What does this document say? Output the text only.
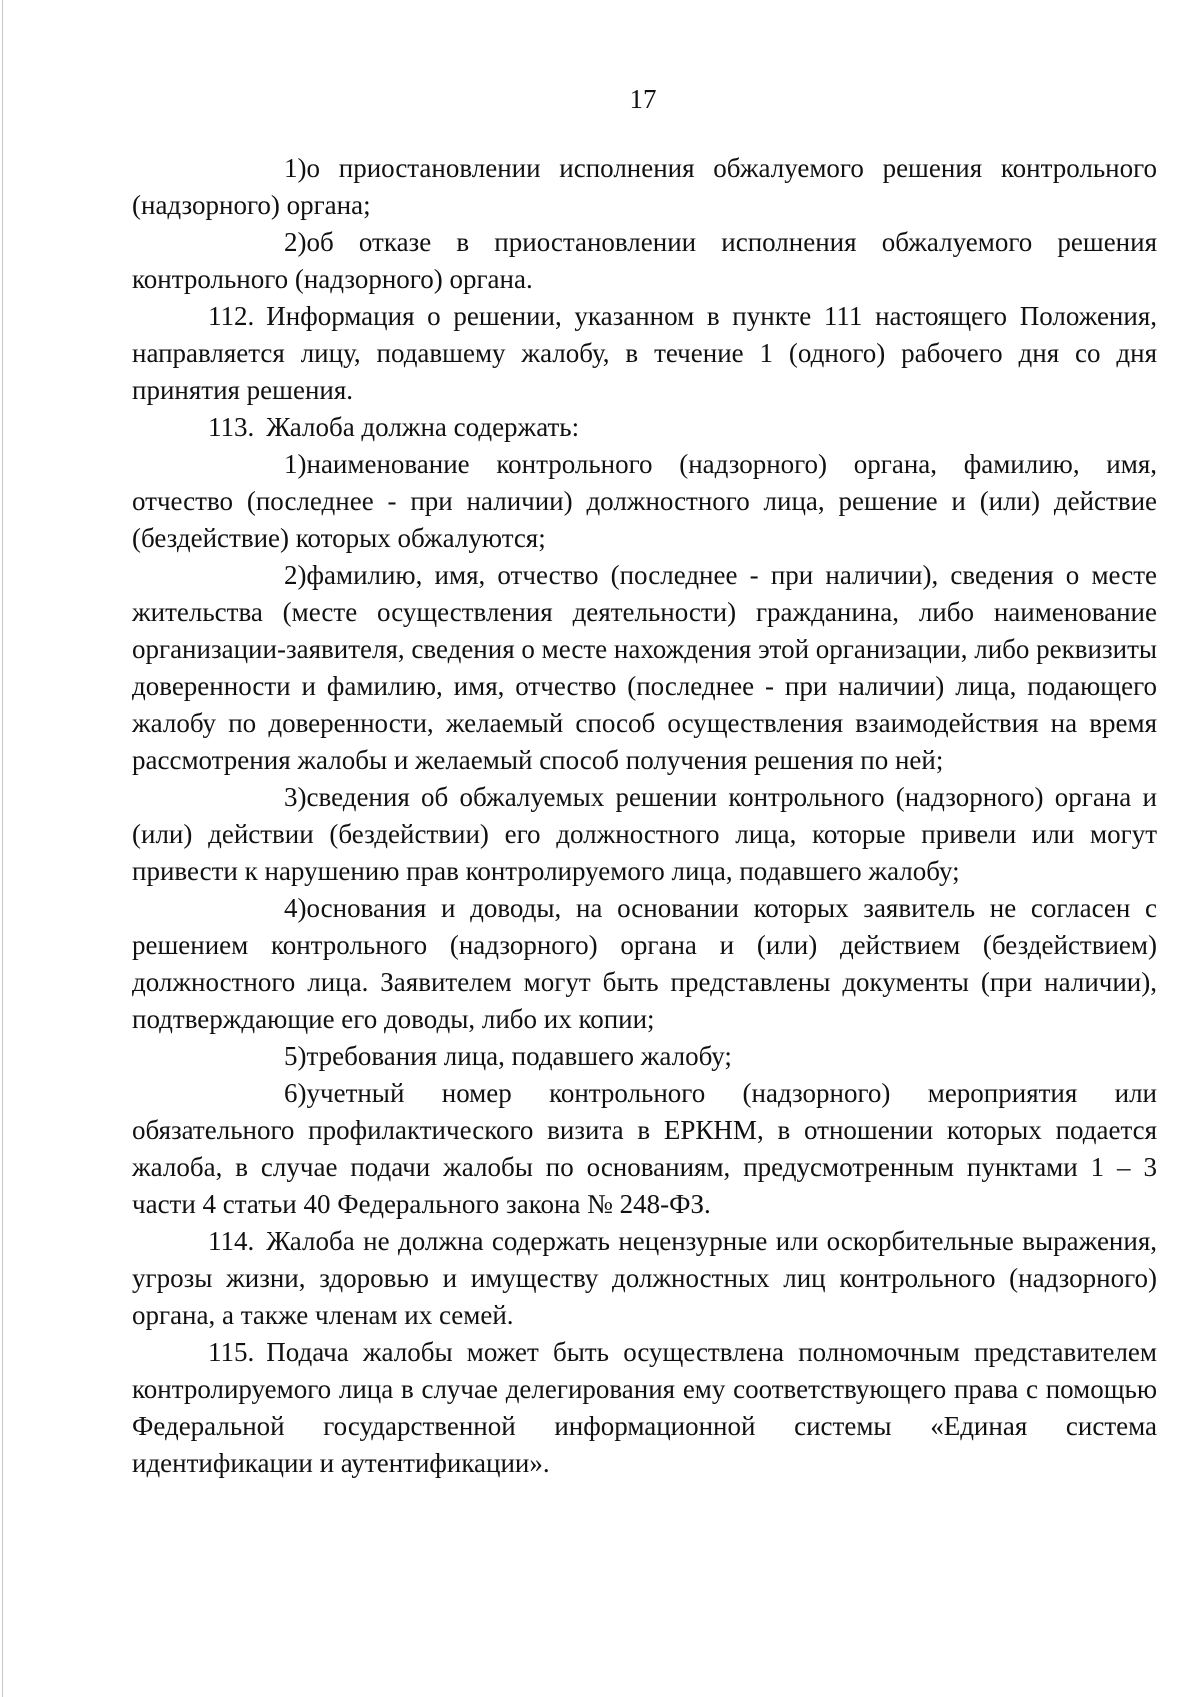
17

1)о приостановлении исполнения обжалуемого решения контрольного (надзорного) органа;

2)об отказе в приостановлении исполнения обжалуемого решения контрольного (надзорного) органа.

112. Информация о решении, указанном в пункте 111 настоящего Положения, направляется лицу, подавшему жалобу, в течение 1 (одного) рабочего дня со дня принятия решения.

113. Жалоба должна содержать:

1)наименование контрольного (надзорного) органа, фамилию, имя, отчество (последнее - при наличии) должностного лица, решение и (или) действие (бездействие) которых обжалуются;

2)фамилию, имя, отчество (последнее - при наличии), сведения о месте жительства (месте осуществления деятельности) гражданина, либо наименование организации-заявителя, сведения о месте нахождения этой организации, либо реквизиты доверенности и фамилию, имя, отчество (последнее - при наличии) лица, подающего жалобу по доверенности, желаемый способ осуществления взаимодействия на время рассмотрения жалобы и желаемый способ получения решения по ней;

3)сведения об обжалуемых решении контрольного (надзорного) органа и (или) действии (бездействии) его должностного лица, которые привели или могут привести к нарушению прав контролируемого лица, подавшего жалобу;

4)основания и доводы, на основании которых заявитель не согласен с решением контрольного (надзорного) органа и (или) действием (бездействием) должностного лица. Заявителем могут быть представлены документы (при наличии), подтверждающие его доводы, либо их копии;

5)требования лица, подавшего жалобу;

6)учетный номер контрольного (надзорного) мероприятия или обязательного профилактического визита в ЕРКНМ, в отношении которых подается жалоба, в случае подачи жалобы по основаниям, предусмотренным пунктами 1 – 3 части 4 статьи 40 Федерального закона № 248-ФЗ.

114. Жалоба не должна содержать нецензурные или оскорбительные выражения, угрозы жизни, здоровью и имуществу должностных лиц контрольного (надзорного) органа, а также членам их семей.

115. Подача жалобы может быть осуществлена полномочным представителем контролируемого лица в случае делегирования ему соответствующего права с помощью Федеральной государственной информационной системы «Единая система идентификации и аутентификации».
